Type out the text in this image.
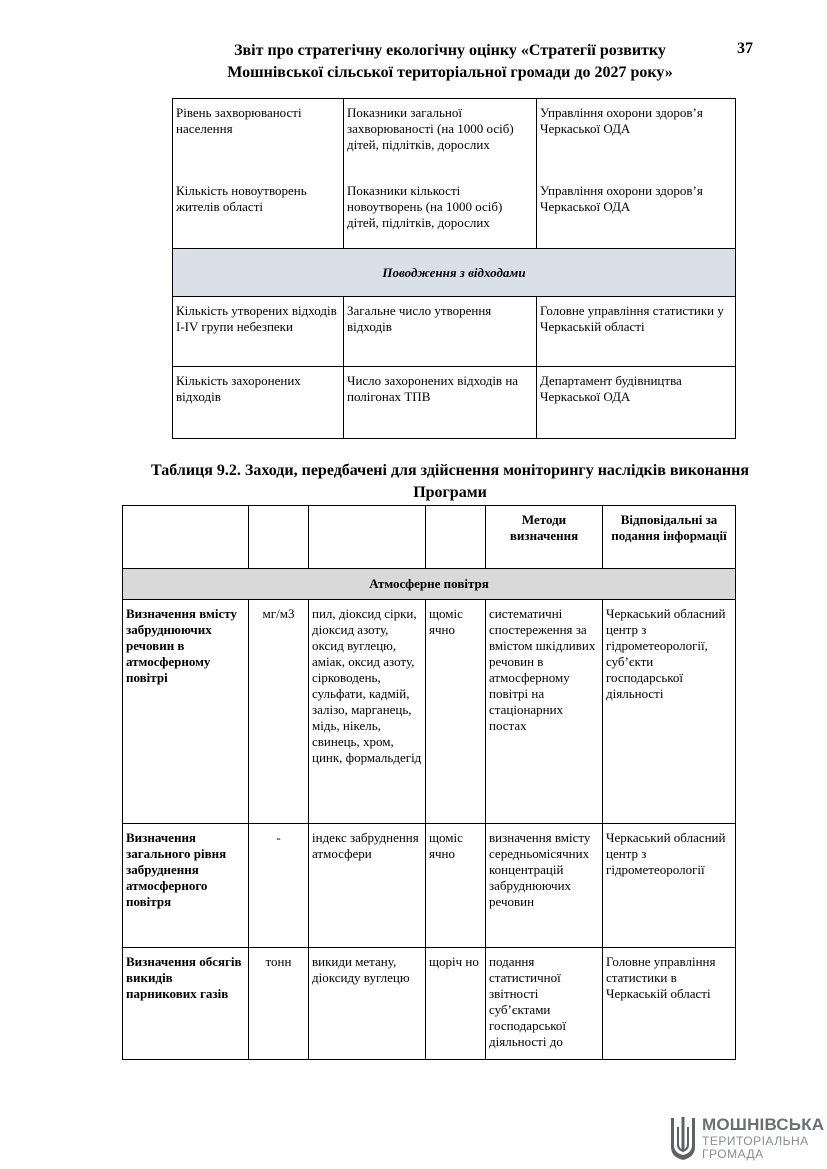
Звіт про стратегічну екологічну оцінку «Стратегії розвитку
Мошнівської сільської територіальної громади до 2027 року»
37
Рівень захворюваності населення	Показники загальної захворюваності (на 1000 осіб) дітей, підлітків, дорослих	Управління охорони здоров’я Черкаської ОДА
Кількість новоутворень жителів області	Показники кількості новоутворень (на 1000 осіб) дітей, підлітків, дорослих	Управління охорони здоров’я Черкаської ОДА
Поводження з відходами		
Кількість утворених відходів І-IV групи небезпеки	Загальне число утворення відходів	Головне управління статистики у Черкаській області
Кількість захоронених відходів	Число захоронених відходів на полігонах ТПВ	Департамент будівництва Черкаської ОДА
Таблиця 9.2. Заходи, передбачені для здійснення моніторингу наслідків виконання
Програми
				Методи визначення	Відповідальні за подання інформації
Атмосферне повітря					
Визначення вмісту забруднюючих речовин в атмосферному повітрі	мг/м3	пил, діоксид сірки, діоксид азоту, оксид вуглецю, аміак, оксид азоту, сірководень, сульфати, кадмій, залізо, марганець, мідь, нікель, свинець, хром, цинк, формальдегід	щоміс ячно	систематичні спостереження за вмістом шкідливих речовин в атмосферному повітрі на стаціонарних постах	Черкаський обласний центр з гідрометеорології, суб’єкти господарської діяльності
Визначення загального рівня забруднення атмосферного повітря	-	індекс забруднення атмосфери	щоміс ячно	визначення вмісту середньомісячних концентрацій забруднюючих речовин	Черкаський обласний центр з гідрометеорології
Визначення обсягів викидів парникових газів	тонн	викиди метану, діоксиду вуглецю	щоріч но	подання статистичної звітності суб’єктами господарської діяльності до	Головне управління статистики в Черкаській області
МОШНІВСЬКА
ТЕРИТОРІАЛЬНА
ГРОМАДА
